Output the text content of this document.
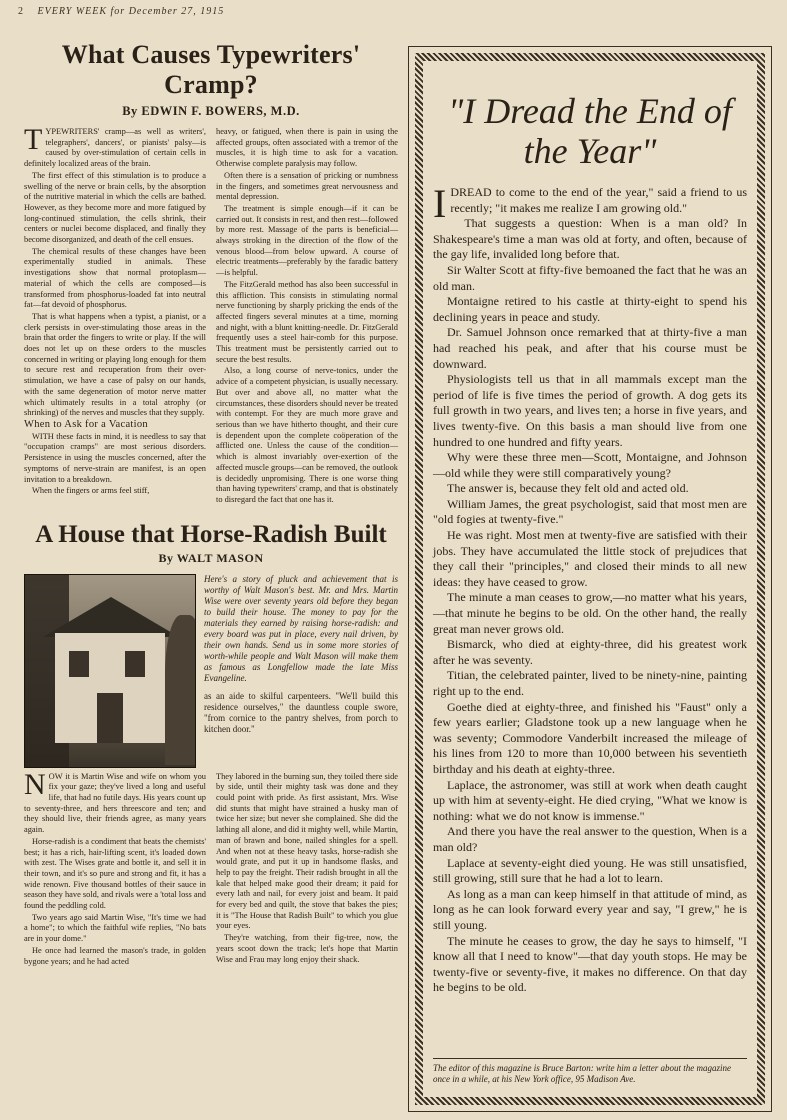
2 EVERY WEEK for December 27, 1915
What Causes Typewriters' Cramp?
By EDWIN F. BOWERS, M.D.

TYPEWRITERS' cramp—as well as writers', telegraphers', dancers', or pianists' palsy—is caused by over-stimulation of certain cells in definitely localized areas of the brain.

The first effect of this stimulation is to produce a swelling of the nerve or brain cells, by the absorption of the nutritive material in which the cells are bathed. However, as they become more and more fatigued by long-continued stimulation, the cells shrink, their centers or nuclei become displaced, and finally they become disorganized, and death of the cell ensues.

The chemical results of these changes have been experimentally studied in animals. These investigations show that normal protoplasm—material of which the cells are composed—is transformed from phosphorus-loaded fat into neutral fat—fat devoid of phosphorus.

That is what happens when a typist, a pianist, or a clerk persists in over-stimulating those areas in the brain that order the fingers to write or play. If the will does not let up on these orders to the muscles concerned in writing or playing long enough for them to secure rest and recuperation from their over-stimulation, we have a case of palsy on our hands, with the same degeneration of motor nerve matter which ultimately results in a total atrophy (or shrinking) of the nerves and muscles that they supply.

When to Ask for a Vacation

WITH these facts in mind, it is needless to say that "occupation cramps" are most serious disorders. Persistence in using the muscles concerned, after the symptoms of nerve-strain are manifest, is an open invitation to a breakdown.

When the fingers or arms feel stiff,

heavy, or fatigued, when there is pain in using the affected groups, often associated with a tremor of the muscles, it is high time to ask for a vacation. Otherwise complete paralysis may follow.

Often there is a sensation of pricking or numbness in the fingers, and sometimes great nervousness and mental depression.

The treatment is simple enough—if it can be carried out. It consists in rest, and then rest—followed by more rest. Massage of the parts is beneficial—always stroking in the direction of the flow of the venous blood—from below upward. A course of electric treatments—preferably by the faradic battery—is helpful.

The FitzGerald method has also been successful in this affliction. This consists in stimulating normal nerve functioning by sharply pricking the ends of the affected fingers several minutes at a time, morning and night, with a blunt knitting-needle. Dr. FitzGerald frequently uses a steel hair-comb for this purpose. This treatment must be persistently carried out to secure the best results.

Also, a long course of nerve-tonics, under the advice of a competent physician, is usually necessary. But over and above all, no matter what the circumstances, these disorders should never be treated with contempt. For they are much more grave and serious than we have hitherto thought, and their cure is dependent upon the complete coöperation of the afflicted one. Unless the cause of the condition—which is almost invariably over-exertion of the affected muscle groups—can be removed, the outlook is decidedly unpromising. There is one worse thing than having typewriters' cramp, and that is obstinately to disregard the fact that one has it.

A House that Horse-Radish Built
By WALT MASON
Here's a story of pluck and achievement that is worthy of Walt Mason's best. Mr. and Mrs. Martin Wise were over seventy years old before they began to build their house. The money to pay for the materials they earned by raising horse-radish: and every board was put in place, every nail driven, by their own hands. Send us in some more stories of worth-while people and Walt Mason will make them as famous as Longfellow made the late Miss Evangeline.
as an aide to skilful carpenteers. "We'll build this residence ourselves," the dauntless couple swore, "from cornice to the pantry shelves, from porch to kitchen door."

NOW it is Martin Wise and wife on whom you fix your gaze; they've lived a long and useful life, that had no futile days. His years count up to seventy-three, and hers threescore and ten; and they should live, their friends agree, as many years again.

Horse-radish is a condiment that beats the chemists' best; it has a rich, hair-lifting scent, it's loaded down with zest. The Wises grate and bottle it, and sell it in their town, and it's so pure and strong and fit, it has a wide renown. Five thousand bottles of their sauce in season they have sold, and rivals were a 'total loss and found the peddling cold.

Two years ago said Martin Wise, "It's time we had a home"; to which the faithful wife replies, "No bats are in your dome."

He once had learned the mason's trade, in golden bygone years; and he had acted

They labored in the burning sun, they toiled there side by side, until their mighty task was done and they could point with pride. As first assistant, Mrs. Wise did stunts that might have strained a husky man of twice her size; but never she complained. She did the lathing all alone, and did it mighty well, while Martin, man of brawn and bone, nailed shingles for a spell. And when not at these heavy tasks, horse-radish she would grate, and put it up in handsome flasks, and help to pay the freight. Their radish brought in all the kale that helped make good their dream; it paid for every lath and nail, for every joist and beam. It paid for every bed and quilt, the stove that bakes the pies; it is "The House that Radish Built" to which you glue your eyes.

They're watching, from their fig-tree, now, the years scoot down the track; let's hope that Martin Wise and Frau may long enjoy their shack.

"I Dread the End of the Year"

IDREAD to come to the end of the year," said a friend to us recently; "it makes me realize I am growing old."

That suggests a question: When is a man old? In Shakespeare's time a man was old at forty, and often, because of the gay life, invalided long before that.

Sir Walter Scott at fifty-five bemoaned the fact that he was an old man.

Montaigne retired to his castle at thirty-eight to spend his declining years in peace and study.

Dr. Samuel Johnson once remarked that at thirty-five a man had reached his peak, and after that his course must be downward.

Physiologists tell us that in all mammals except man the period of life is five times the period of growth. A dog gets its full growth in two years, and lives ten; a horse in five years, and lives twenty-five. On this basis a man should live from one hundred to one hundred and fifty years.

Why were these three men—Scott, Montaigne, and Johnson—old while they were still comparatively young?

The answer is, because they felt old and acted old.

William James, the great psychologist, said that most men are "old fogies at twenty-five."

He was right. Most men at twenty-five are satisfied with their jobs. They have accumulated the little stock of prejudices that they call their "principles," and closed their minds to all new ideas: they have ceased to grow.

The minute a man ceases to grow,—no matter what his years,—that minute he begins to be old. On the other hand, the really great man never grows old.

Bismarck, who died at eighty-three, did his greatest work after he was seventy.

Titian, the celebrated painter, lived to be ninety-nine, painting right up to the end.

Goethe died at eighty-three, and finished his "Faust" only a few years earlier; Gladstone took up a new language when he was seventy; Commodore Vanderbilt increased the mileage of his lines from 120 to more than 10,000 between his seventieth birthday and his death at eighty-three.

Laplace, the astronomer, was still at work when death caught up with him at seventy-eight. He died crying, "What we know is nothing: what we do not know is immense."

And there you have the real answer to the question, When is a man old?

Laplace at seventy-eight died young. He was still unsatisfied, still growing, still sure that he had a lot to learn.

As long as a man can keep himself in that attitude of mind, as long as he can look forward every year and say, "I grew," he is still young.

The minute he ceases to grow, the day he says to himself, "I know all that I need to know"—that day youth stops. He may be twenty-five or seventy-five, it makes no difference. On that day he begins to be old.

The editor of this magazine is Bruce Barton: write him a letter about the magazine once in a while, at his New York office, 95 Madison Ave.
